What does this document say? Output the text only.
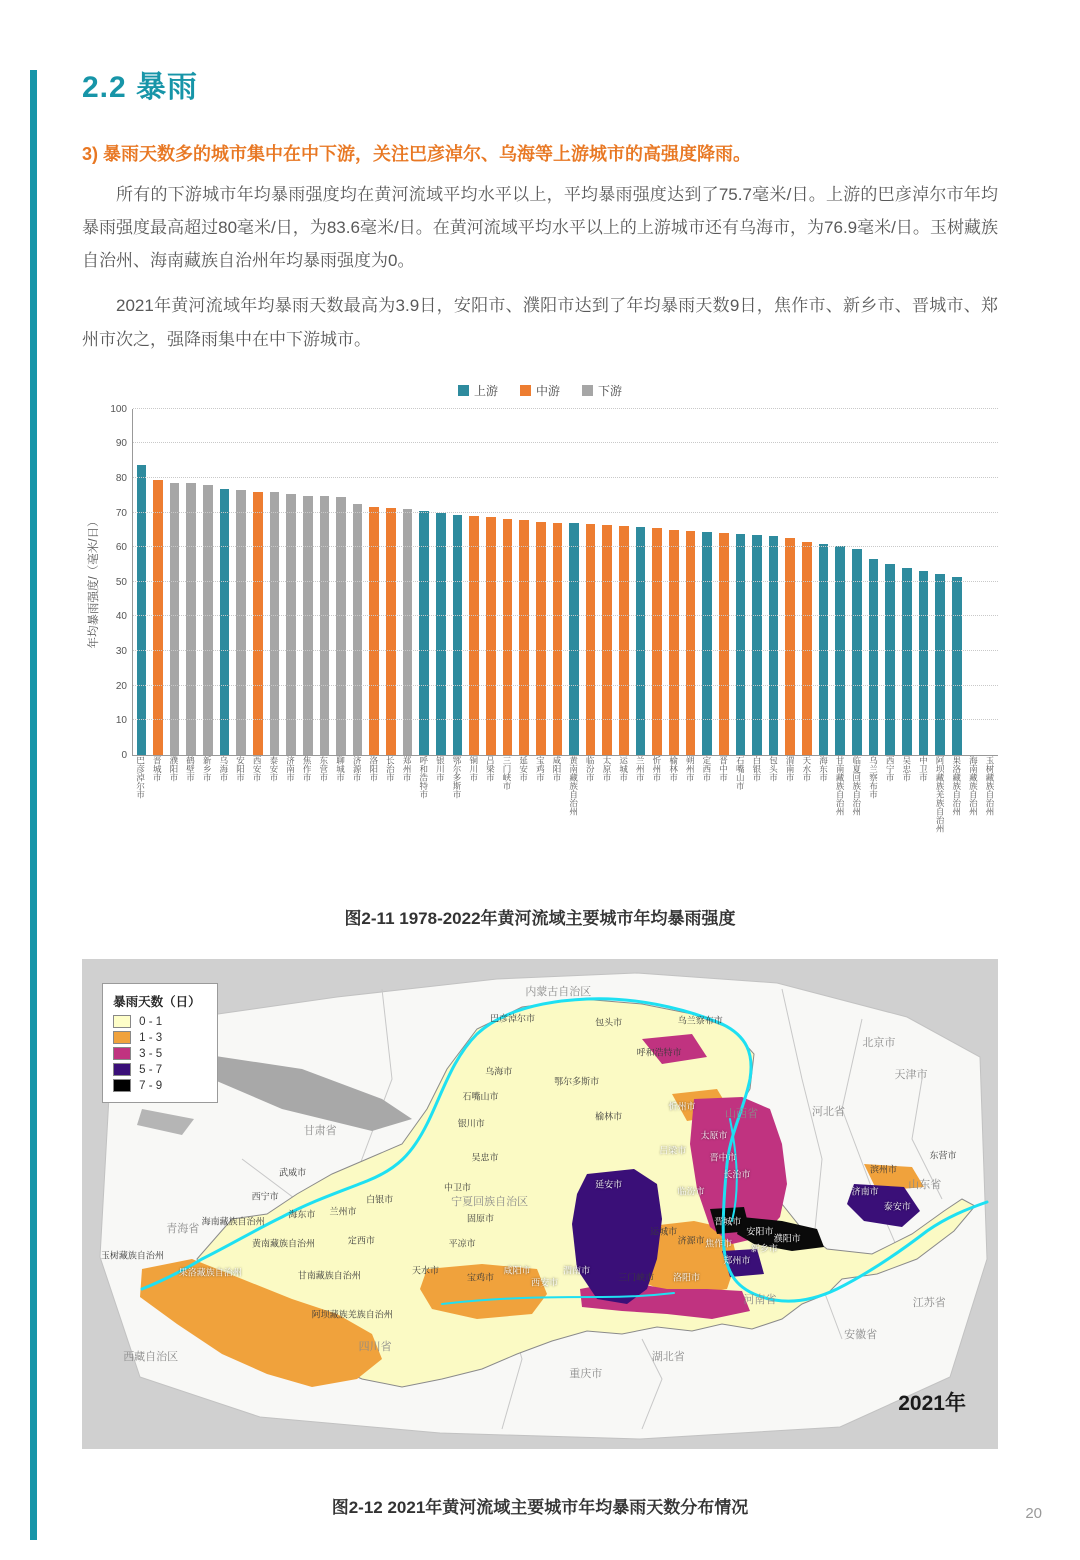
2.2 暴雨
3) 暴雨天数多的城市集中在中下游，关注巴彦淖尔、乌海等上游城市的高强度降雨。

所有的下游城市年均暴雨强度均在黄河流域平均水平以上，平均暴雨强度达到了75.7毫米/日。上游的巴彦淖尔市年均暴雨强度最高超过80毫米/日，为83.6毫米/日。在黄河流域平均水平以上的上游城市还有乌海市，为76.9毫米/日。玉树藏族自治州、海南藏族自治州年均暴雨强度为0。

2021年黄河流域年均暴雨天数最高为3.9日，安阳市、濮阳市达到了年均暴雨天数9日，焦作市、新乡市、晋城市、郑州市次之，强降雨集中在中下游城市。

上游	中游	下游
年均暴雨强度/（毫米/日）
0
10
20
30
40
50
60
70
80
90
100
巴彦淖尔市 晋城市 濮阳市 鹤壁市 新乡市 乌海市 安阳市 西安市 泰安市 济南市 焦作市 东营市 聊城市 济源市 洛阳市 长治市 郑州市 呼和浩特市 银川市 鄂尔多斯市 铜川市 吕梁市 三门峡市 延安市 宝鸡市 咸阳市 黄南藏族自治州 临汾市 太原市 运城市 兰州市 忻州市 榆林市 朔州市 定西市 晋中市 石嘴山市 白银市 包头市 渭南市 天水市 海东市 甘南藏族自治州 临夏回族自治州 乌兰察布市 西宁市 吴忠市 中卫市 阿坝藏族羌族自治州 果洛藏族自治州 海南藏族自治州 玉树藏族自治州
图2-11 1978-2022年黄河流域主要城市年均暴雨强度
暴雨天数（日）
0 - 1
1 - 3
3 - 5
5 - 7
7 - 9
2021年
内蒙古自治区
北京市
天津市
河北省
山西省
山东省
河南省	江苏省
安徽省
湖北省
重庆市
四川省
西藏自治区
青海省
甘肃省
宁夏回族自治区
巴彦淖尔市	包头市	乌兰察布市
呼和浩特市
鄂尔多斯市
乌海市
石嘴山市
银川市
榆林市
忻州市
太原市
吕梁市
晋中市
长治市
临汾市
延安市
运城市
晋城市
济源市 焦作市 新乡市
安阳市
濮阳市
郑州市
洛阳市
三门峡市
渭南市
西安市
咸阳市
宝鸡市
天水市
平凉市
固原市
中卫市
吴忠市
兰州市
白银市
定西市
武威市
西宁市
海东市
海南藏族自治州
黄南藏族自治州
甘南藏族自治州
玉树藏族自治州
果洛藏族自治州
阿坝藏族羌族自治州
济南市
泰安市
滨州市
东营市
图2-12 2021年黄河流域主要城市年均暴雨天数分布情况	20
